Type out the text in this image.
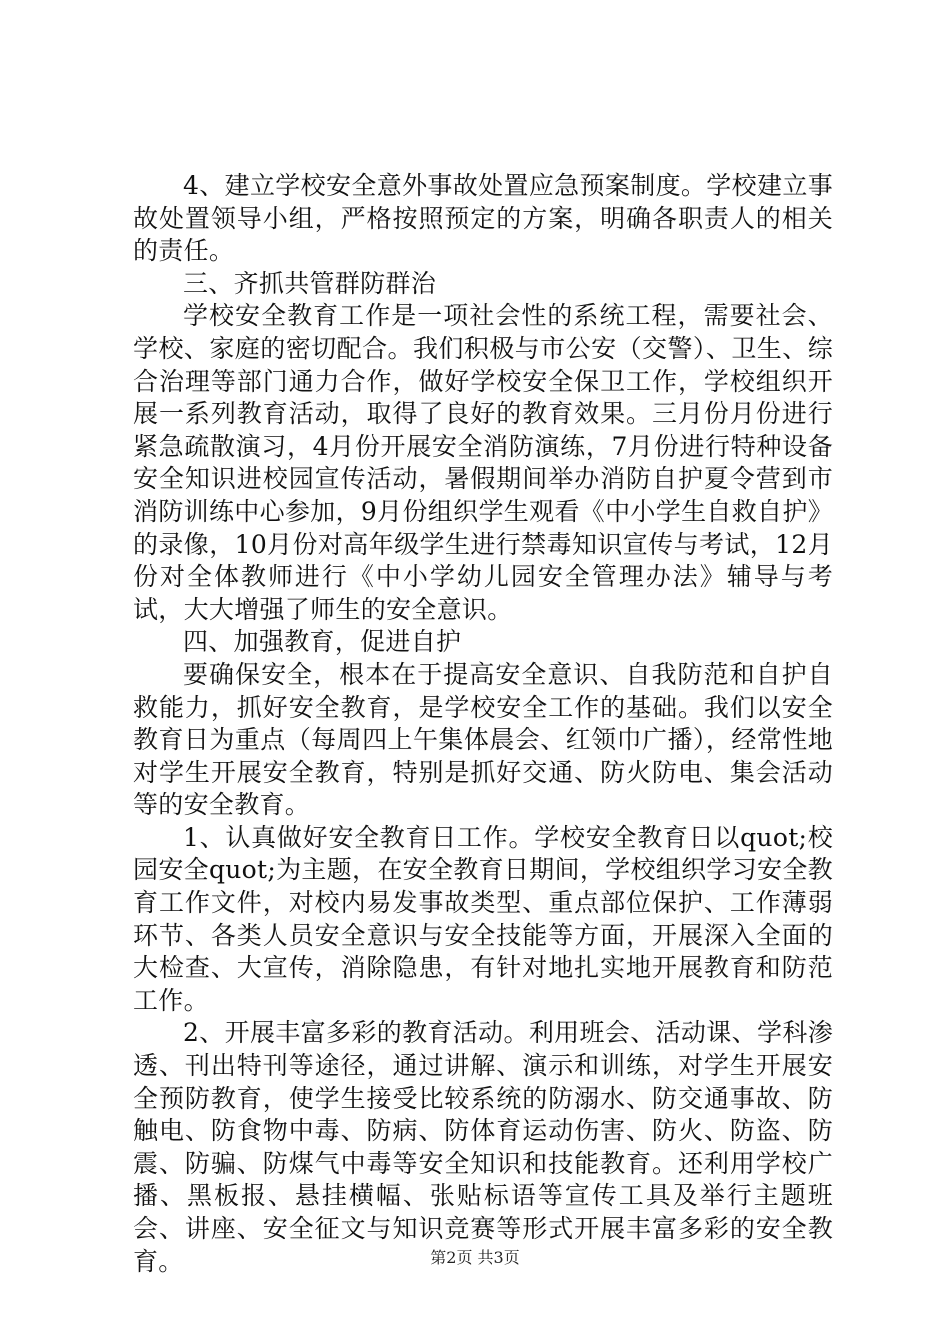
4、建立学校安全意外事故处置应急预案制度。学校建立事故处置领导小组，严格按照预定的方案，明确各职责人的相关的责任。

三、齐抓共管群防群治

学校安全教育工作是一项社会性的系统工程，需要社会、学校、家庭的密切配合。我们积极与市公安（交警）、卫生、综合治理等部门通力合作，做好学校安全保卫工作，学校组织开展一系列教育活动，取得了良好的教育效果。三月份月份进行紧急疏散演习，4月份开展安全消防演练，7月份进行特种设备安全知识进校园宣传活动，暑假期间举办消防自护夏令营到市消防训练中心参加，9月份组织学生观看《中小学生自救自护》的录像，10月份对高年级学生进行禁毒知识宣传与考试，12月份对全体教师进行《中小学幼儿园安全管理办法》辅导与考试，大大增强了师生的安全意识。

四、加强教育，促进自护

要确保安全，根本在于提高安全意识、自我防范和自护自救能力，抓好安全教育，是学校安全工作的基础。我们以安全教育日为重点（每周四上午集体晨会、红领巾广播），经常性地对学生开展安全教育，特别是抓好交通、防火防电、集会活动等的安全教育。

1、认真做好安全教育日工作。学校安全教育日以quot;校园安全quot;为主题，在安全教育日期间，学校组织学习安全教育工作文件，对校内易发事故类型、重点部位保护、工作薄弱环节、各类人员安全意识与安全技能等方面，开展深入全面的大检查、大宣传，消除隐患，有针对地扎实地开展教育和防范工作。

2、开展丰富多彩的教育活动。利用班会、活动课、学科渗透、刊出特刊等途径，通过讲解、演示和训练，对学生开展安全预防教育，使学生接受比较系统的防溺水、防交通事故、防触电、防食物中毒、防病、防体育运动伤害、防火、防盗、防震、防骗、防煤气中毒等安全知识和技能教育。还利用学校广播、黑板报、悬挂横幅、张贴标语等宣传工具及举行主题班会、讲座、安全征文与知识竞赛等形式开展丰富多彩的安全教育。	第2页 共3页
